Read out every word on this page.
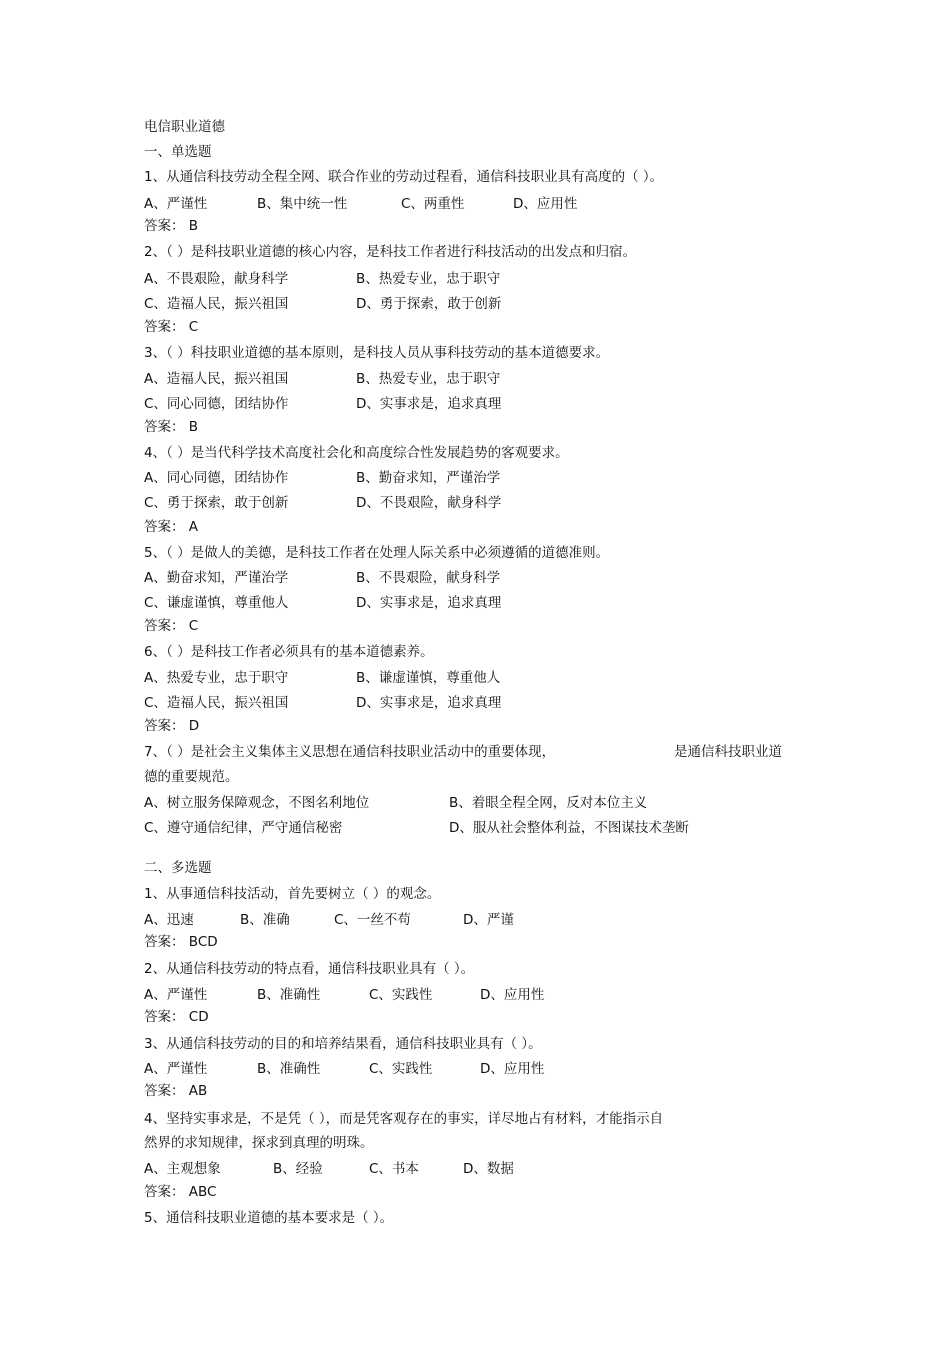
电信职业道德
一、单选题
1、从通信科技劳动全程全网、联合作业的劳动过程看，通信科技职业具有高度的（ ）。
A、严谨性	B、集中统一性	C、两重性	D、应用性
答案： B
2、（ ）是科技职业道德的核心内容，是科技工作者进行科技活动的出发点和归宿。
A、不畏艰险，献身科学	B、热爱专业，忠于职守
C、造福人民，振兴祖国	D、勇于探索，敢于创新
答案： C
3、（ ）科技职业道德的基本原则，是科技人员从事科技劳动的基本道德要求。
A、造福人民，振兴祖国	B、热爱专业，忠于职守
C、同心同德，团结协作	D、实事求是，追求真理
答案： B
4、（ ）是当代科学技术高度社会化和高度综合性发展趋势的客观要求。
A、同心同德，团结协作	B、勤奋求知，严谨治学
C、勇于探索，敢于创新	D、不畏艰险，献身科学
答案： A
5、（ ）是做人的美德，是科技工作者在处理人际关系中必须遵循的道德准则。
A、勤奋求知，严谨治学	B、不畏艰险，献身科学
C、谦虚谨慎，尊重他人	D、实事求是，追求真理
答案： C
6、（ ）是科技工作者必须具有的基本道德素养。
A、热爱专业，忠于职守	B、谦虚谨慎，尊重他人
C、造福人民，振兴祖国	D、实事求是，追求真理
答案： D
7、（ ）是社会主义集体主义思想在通信科技职业活动中的重要体现，	是通信科技职业道
德的重要规范。
A、树立服务保障观念，不图名利地位	B、着眼全程全网，反对本位主义
C、遵守通信纪律，严守通信秘密	D、服从社会整体利益，不图谋技术垄断
二、多选题
1、从事通信科技活动，首先要树立（ ）的观念。
A、迅速	B、准确	C、一丝不苟	D、严谨
答案： BCD
2、从通信科技劳动的特点看，通信科技职业具有（ ）。
A、严谨性	B、准确性	C、实践性	D、应用性
答案： CD
3、从通信科技劳动的目的和培养结果看，通信科技职业具有（ ）。
A、严谨性	B、准确性	C、实践性	D、应用性
答案： AB
4、坚持实事求是，不是凭（ ），而是凭客观存在的事实，详尽地占有材料，才能指示自
然界的求知规律，探求到真理的明珠。
A、主观想象	B、经验	C、书本	D、数据
答案： ABC
5、通信科技职业道德的基本要求是（ ）。
